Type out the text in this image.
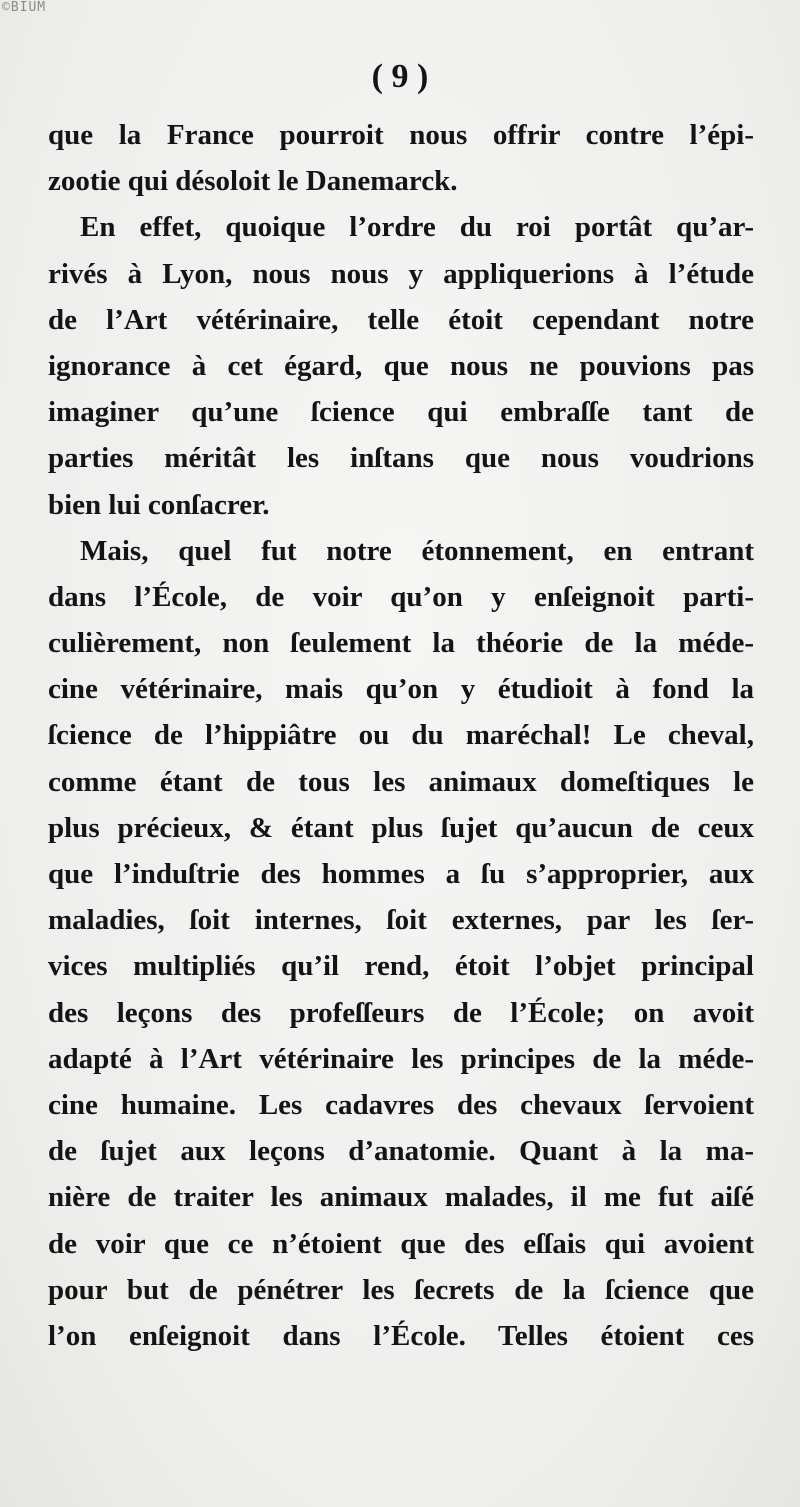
©BIUM
( 9 )
que la France pourroit nous offrir contre l’épi-
zootie qui désoloit le Danemarck.
En effet, quoique l’ordre du roi portât qu’ar-
rivés à Lyon, nous nous y appliquerions à l’étude
de l’Art vétérinaire, telle étoit cependant notre
ignorance à cet égard, que nous ne pouvions pas
imaginer qu’une ſcience qui embraſſe tant de
parties méritât les inſtans que nous voudrions
bien lui conſacrer.
Mais, quel fut notre étonnement, en entrant
dans l’École, de voir qu’on y enſeignoit parti-
culièrement, non ſeulement la théorie de la méde-
cine vétérinaire, mais qu’on y étudioit à fond la
ſcience de l’hippiâtre ou du maréchal! Le cheval,
comme étant de tous les animaux domeſtiques le
plus précieux, & étant plus ſujet qu’aucun de ceux
que l’induſtrie des hommes a ſu s’approprier, aux
maladies, ſoit internes, ſoit externes, par les ſer-
vices multipliés qu’il rend, étoit l’objet principal
des leçons des profeſſeurs de l’École; on avoit
adapté à l’Art vétérinaire les principes de la méde-
cine humaine. Les cadavres des chevaux ſervoient
de ſujet aux leçons d’anatomie. Quant à la ma-
nière de traiter les animaux malades, il me fut aiſé
de voir que ce n’étoient que des eſſais qui avoient
pour but de pénétrer les ſecrets de la ſcience que
l’on enſeignoit dans l’École. Telles étoient ces
